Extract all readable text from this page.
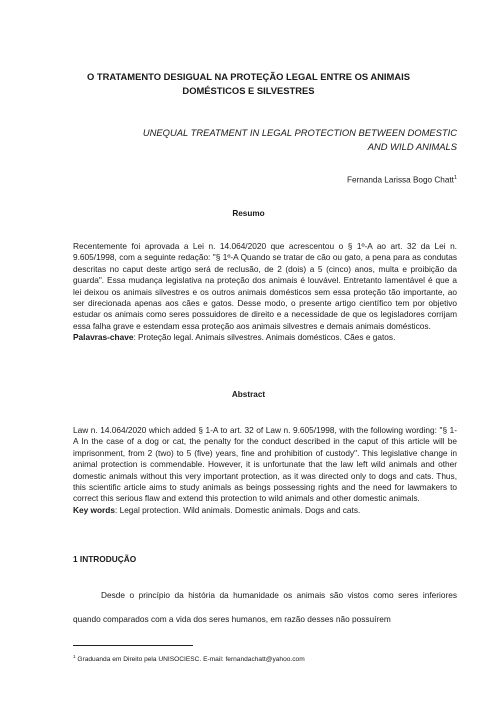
O TRATAMENTO DESIGUAL NA PROTEÇÃO LEGAL ENTRE OS ANIMAIS
DOMÉSTICOS E SILVESTRES
UNEQUAL TREATMENT IN LEGAL PROTECTION BETWEEN DOMESTIC
AND WILD ANIMALS
Fernanda Larissa Bogo Chatt$^1$
Resumo

Recentemente foi aprovada a Lei n. 14.064/2020 que acrescentou o § 1º-A ao art. 32 da Lei n. 9.605/1998, com a seguinte redação: "§ 1º-A Quando se tratar de cão ou gato, a pena para as condutas descritas no caput deste artigo será de reclusão, de 2 (dois) a 5 (cinco) anos, multa e proibição da guarda". Essa mudança legislativa na proteção dos animais é louvável. Entretanto lamentável é que a lei deixou os animais silvestres e os outros animais domésticos sem essa proteção tão importante, ao ser direcionada apenas aos cães e gatos. Desse modo, o presente artigo científico tem por objetivo estudar os animais como seres possuidores de direito e a necessidade de que os legisladores corrijam essa falha grave e estendam essa proteção aos animais silvestres e demais animais domésticos.

Palavras-chave: Proteção legal. Animais silvestres. Animais domésticos. Cães e gatos.

Abstract

Law n. 14.064/2020 which added § 1-A to art. 32 of Law n. 9.605/1998, with the following wording: "§ 1-A In the case of a dog or cat, the penalty for the conduct described in the caput of this article will be imprisonment, from 2 (two) to 5 (five) years, fine and prohibition of custody". This legislative change in animal protection is commendable. However, it is unfortunate that the law left wild animals and other domestic animals without this very important protection, as it was directed only to dogs and cats. Thus, this scientific article aims to study animals as beings possessing rights and the need for lawmakers to correct this serious flaw and extend this protection to wild animals and other domestic animals.

Key words: Legal protection. Wild animals. Domestic animals. Dogs and cats.

1 INTRODUÇÃO

Desde o princípio da história da humanidade os animais são vistos como seres inferiores quando comparados com a vida dos seres humanos, em razão desses não possuírem

$^1$ Graduanda em Direito pela UNISOCIESC. E-mail: fernandachatt@yahoo.com
